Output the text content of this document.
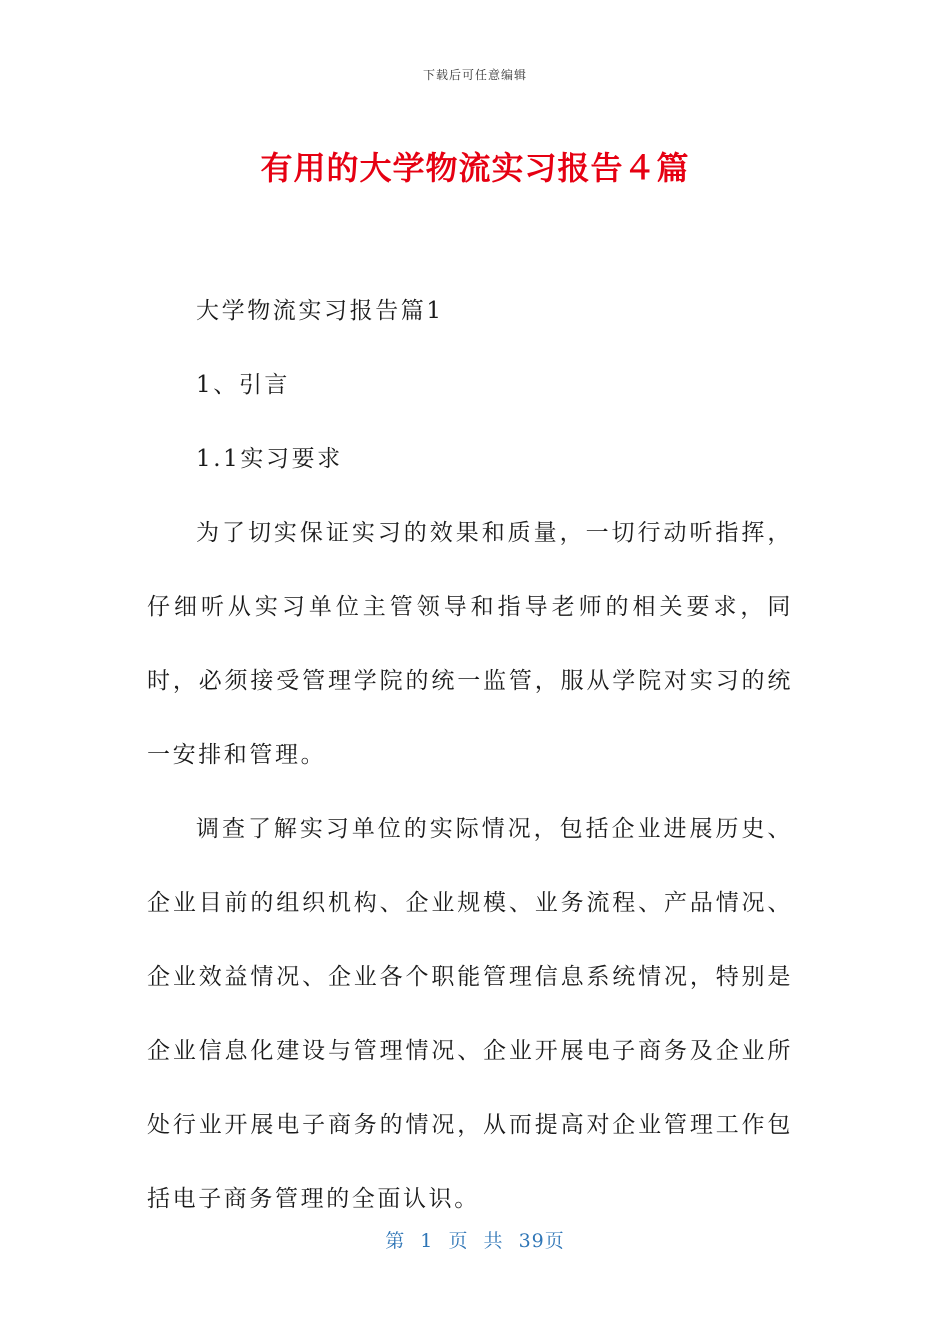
下载后可任意编辑
有用的大学物流实习报告４篇

大学物流实习报告篇1

1、引言

1.1实习要求

为了切实保证实习的效果和质量，一切行动听指挥，仔细听从实习单位主管领导和指导老师的相关要求，同时，必须接受管理学院的统一监管，服从学院对实习的统一安排和管理。

调查了解实习单位的实际情况，包括企业进展历史、企业目前的组织机构、企业规模、业务流程、产品情况、企业效益情况、企业各个职能管理信息系统情况，特别是企业信息化建设与管理情况、企业开展电子商务及企业所处行业开展电子商务的情况，从而提高对企业管理工作包括电子商务管理的全面认识。

第 1 页 共 39页
